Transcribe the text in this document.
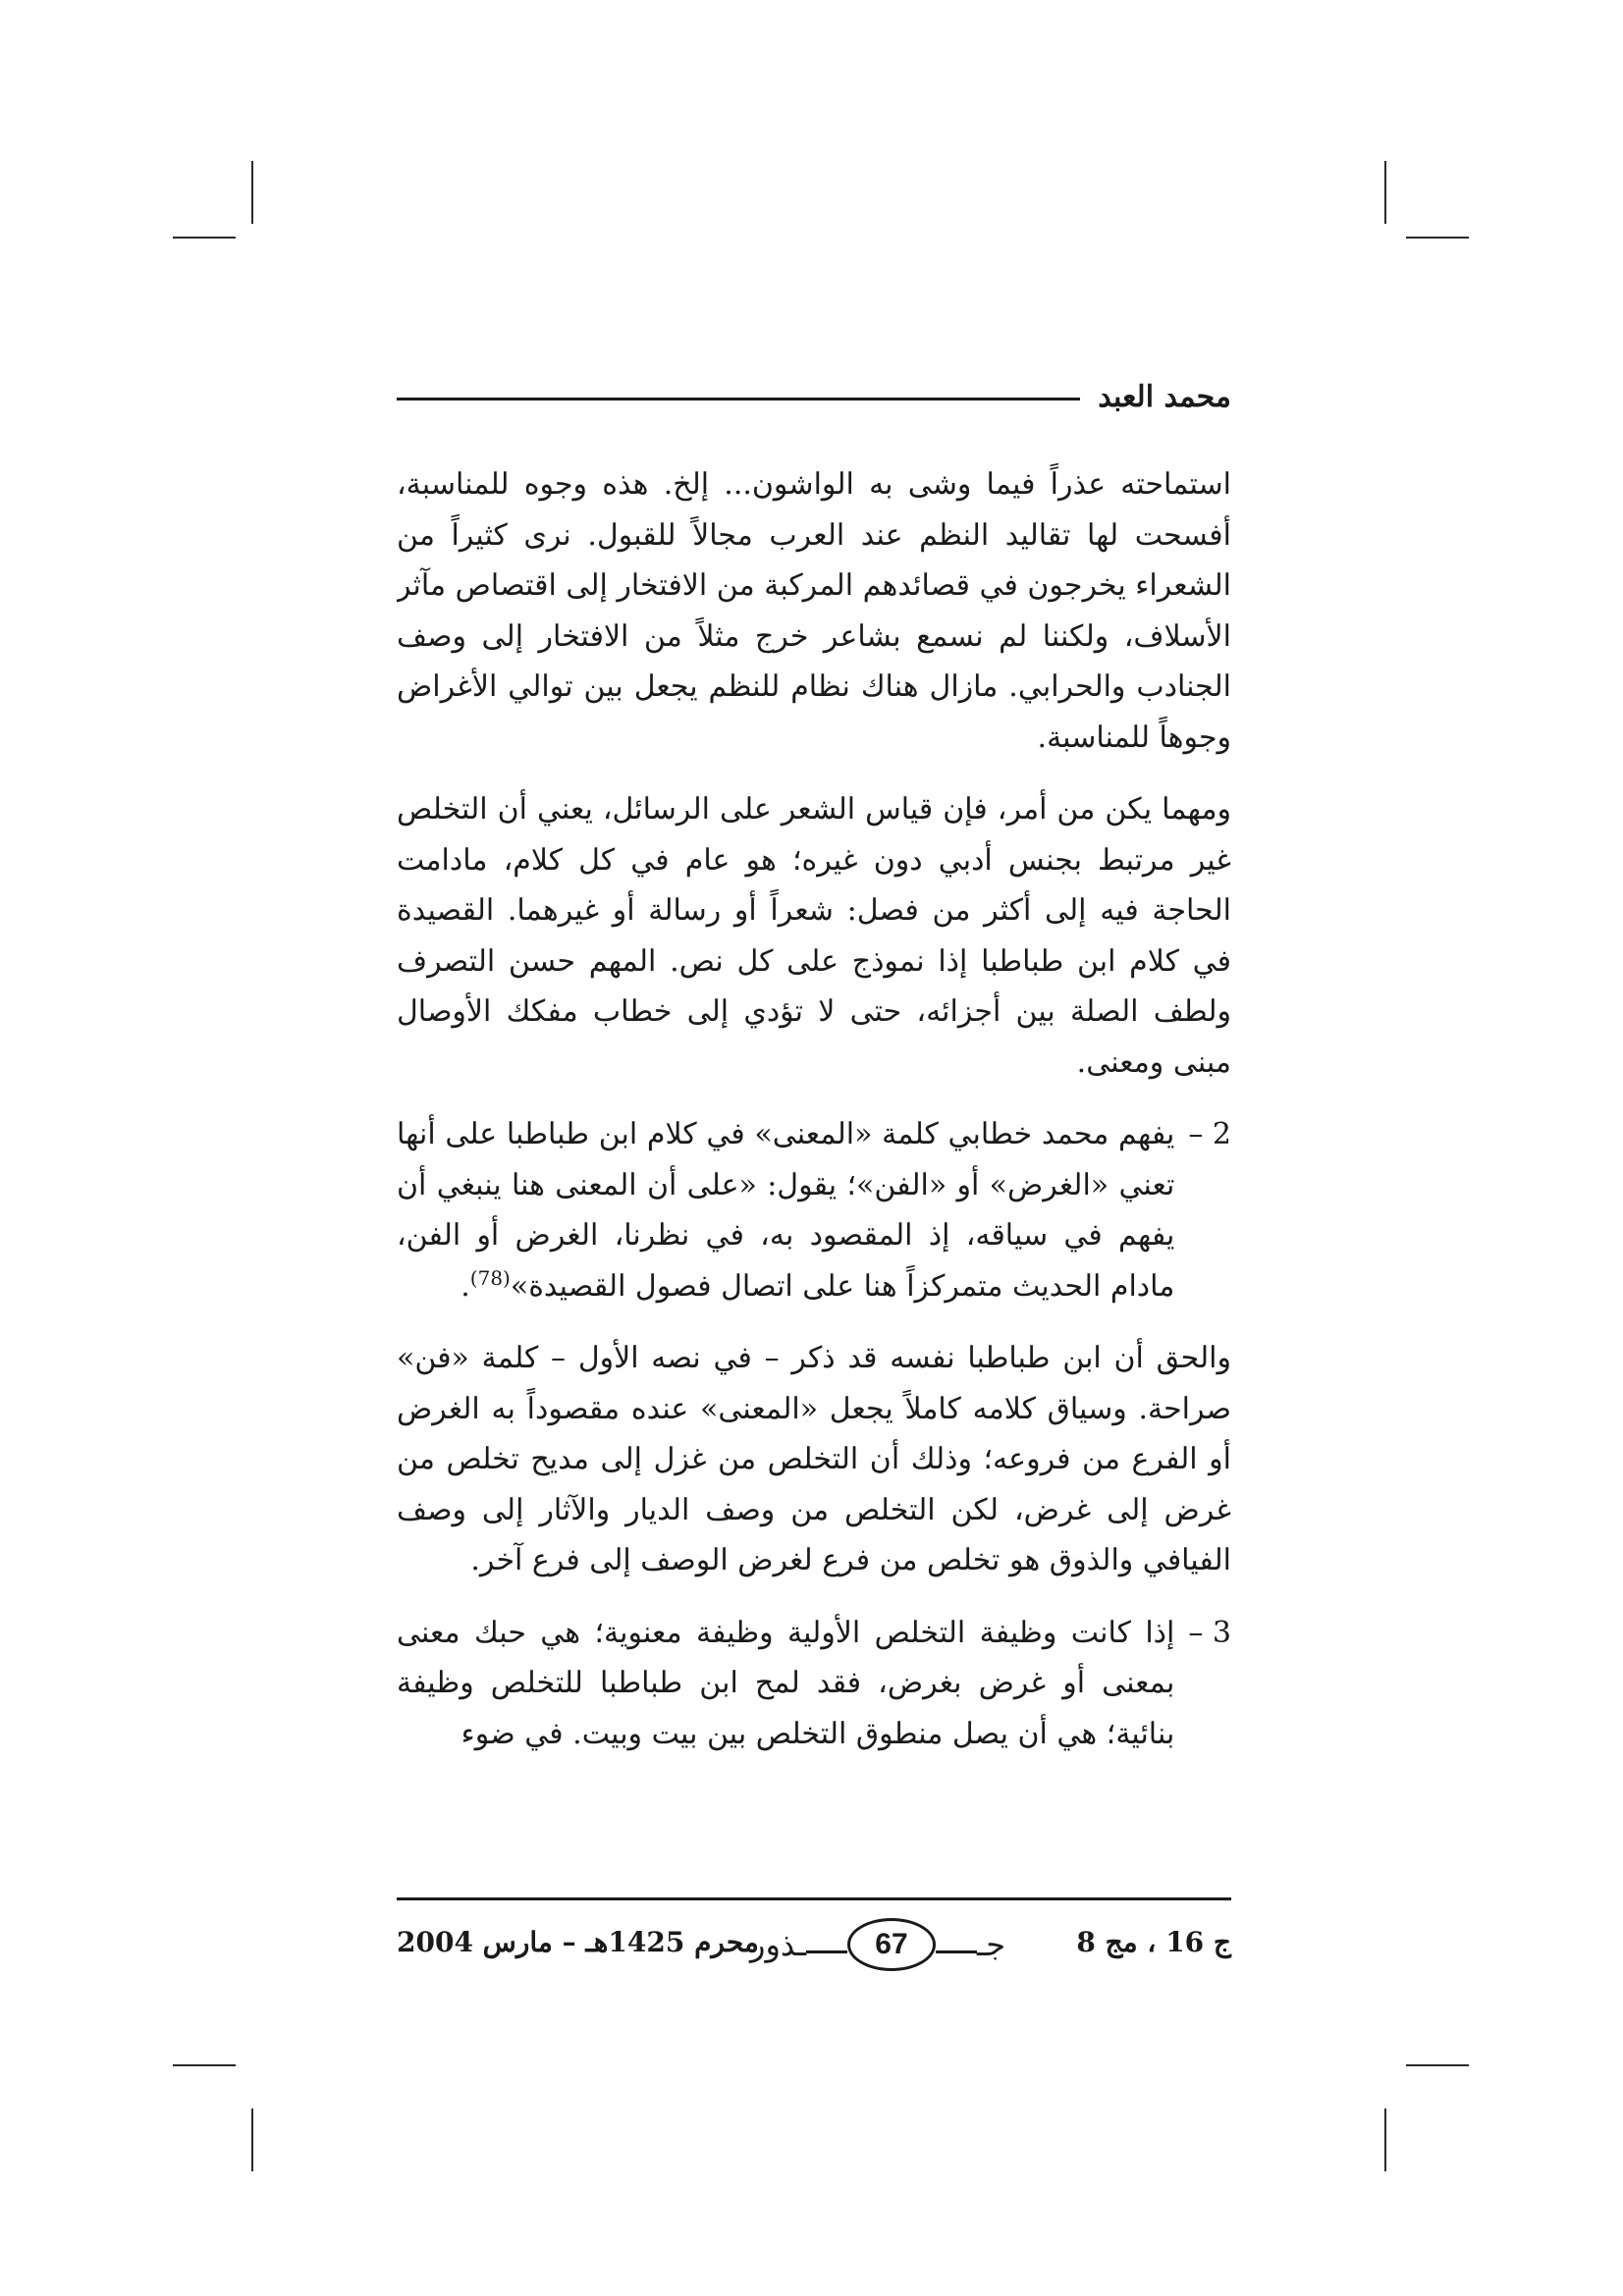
محمد العبد

استماحته عذراً فيما وشى به الواشون... إلخ. هذه وجوه للمناسبة، أفسحت لها تقاليد النظم عند العرب مجالاً للقبول. نرى كثيراً من الشعراء يخرجون في قصائدهم المركبة من الافتخار إلى اقتصاص مآثر الأسلاف، ولكننا لم نسمع بشاعر خرج مثلاً من الافتخار إلى وصف الجنادب والحرابي. مازال هناك نظام للنظم يجعل بين توالي الأغراض وجوهاً للمناسبة.

ومهما يكن من أمر، فإن قياس الشعر على الرسائل، يعني أن التخلص غير مرتبط بجنس أدبي دون غيره؛ هو عام في كل كلام، مادامت الحاجة فيه إلى أكثر من فصل: شعراً أو رسالة أو غيرهما. القصيدة في كلام ابن طباطبا إذا نموذج على كل نص. المهم حسن التصرف ولطف الصلة بين أجزائه، حتى لا تؤدي إلى خطاب مفكك الأوصال مبنى ومعنى.

2 –
يفهم محمد خطابي كلمة «المعنى» في كلام ابن طباطبا على أنها تعني «الغرض» أو «الفن»؛ يقول: «على أن المعنى هنا ينبغي أن يفهم في سياقه، إذ المقصود به، في نظرنا، الغرض أو الفن، مادام الحديث متمركزاً هنا على اتصال فصول القصيدة»$^{(78)}$.

والحق أن ابن طباطبا نفسه قد ذكر – في نصه الأول – كلمة «فن» صراحة. وسياق كلامه كاملاً يجعل «المعنى» عنده مقصوداً به الغرض أو الفرع من فروعه؛ وذلك أن التخلص من غزل إلى مديح تخلص من غرض إلى غرض، لكن التخلص من وصف الديار والآثار إلى وصف الفيافي والذوق هو تخلص من فرع لغرض الوصف إلى فرع آخر.

3 –
إذا كانت وظيفة التخلص الأولية وظيفة معنوية؛ هي حبك معنى بمعنى أو غرض بغرض، فقد لمح ابن طباطبا للتخلص وظيفة بنائية؛ هي أن يصل منطوق التخلص بين بيت وبيت. في ضوء
ج 16 ، مج 8
جـ
67
ـذور
محرم 1425هـ – مارس 2004
